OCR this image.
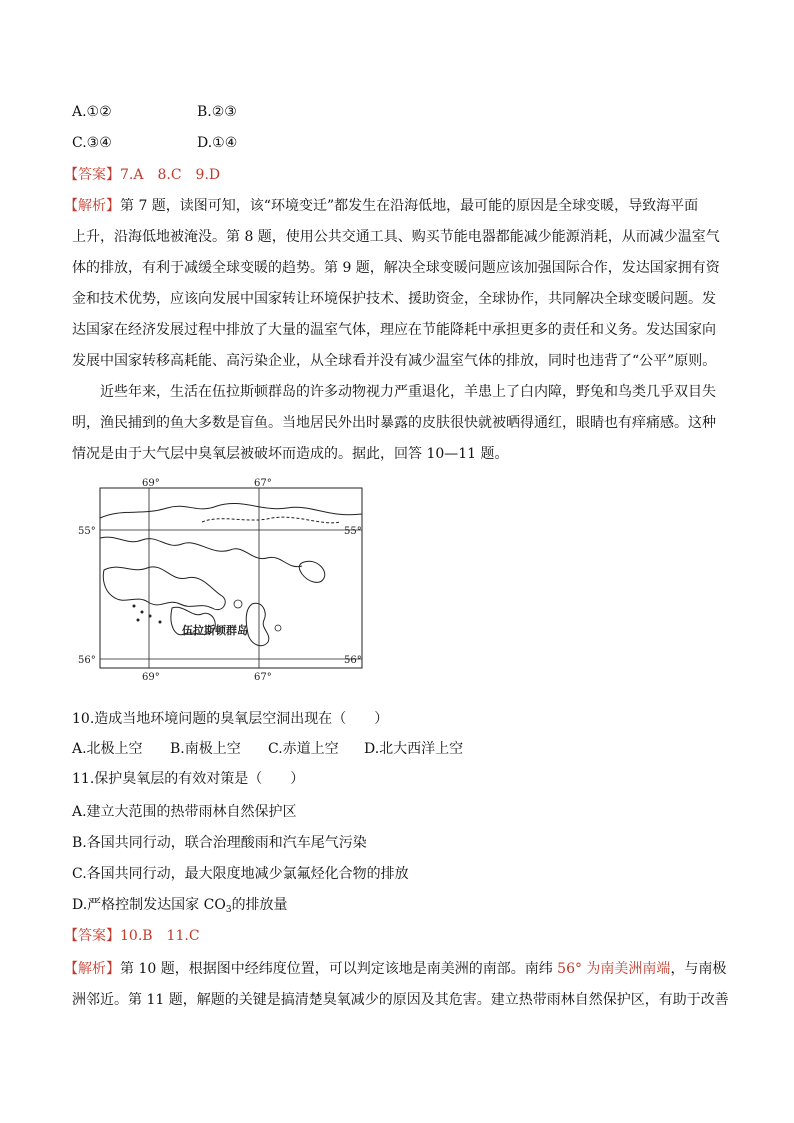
A.①②	B.②③
C.③④	D.①④
【答案】7.A　8.C　9.D
【解析】第 7 题，读图可知，该“环境变迁”都发生在沿海低地，最可能的原因是全球变暖，导致海平面
上升，沿海低地被淹没。第 8 题，使用公共交通工具、购买节能电器都能减少能源消耗，从而减少温室气
体的排放，有利于减缓全球变暖的趋势。第 9 题，解决全球变暖问题应该加强国际合作，发达国家拥有资
金和技术优势，应该向发展中国家转让环境保护技术、援助资金，全球协作，共同解决全球变暖问题。发
达国家在经济发展过程中排放了大量的温室气体，理应在节能降耗中承担更多的责任和义务。发达国家向
发展中国家转移高耗能、高污染企业，从全球看并没有减少温室气体的排放，同时也违背了“公平”原则。
近些年来，生活在伍拉斯顿群岛的许多动物视力严重退化，羊患上了白内障，野兔和鸟类几乎双目失
明，渔民捕到的鱼大多数是盲鱼。当地居民外出时暴露的皮肤很快就被晒得通红，眼睛也有痒痛感。这种
情况是由于大气层中臭氧层被破坏而造成的。据此，回答 10—11 题。
69°	67°
69°	67°
55°	55°
56°	56°
伍拉斯顿群岛
10.造成当地环境问题的臭氧层空洞出现在（　　）
A.北极上空 B.南极上空 C.赤道上空 D.北大西洋上空
11.保护臭氧层的有效对策是（　　）
A.建立大范围的热带雨林自然保护区
B.各国共同行动，联合治理酸雨和汽车尾气污染
C.各国共同行动，最大限度地减少氯氟烃化合物的排放
D.严格控制发达国家 $CO_3$的排放量
【答案】10.B　11.C
【解析】第 10 题，根据图中经纬度位置，可以判定该地是南美洲的南部。南纬 56° 为南美洲南端，与南极
洲邻近。第 11 题，解题的关键是搞清楚臭氧减少的原因及其危害。建立热带雨林自然保护区，有助于改善
